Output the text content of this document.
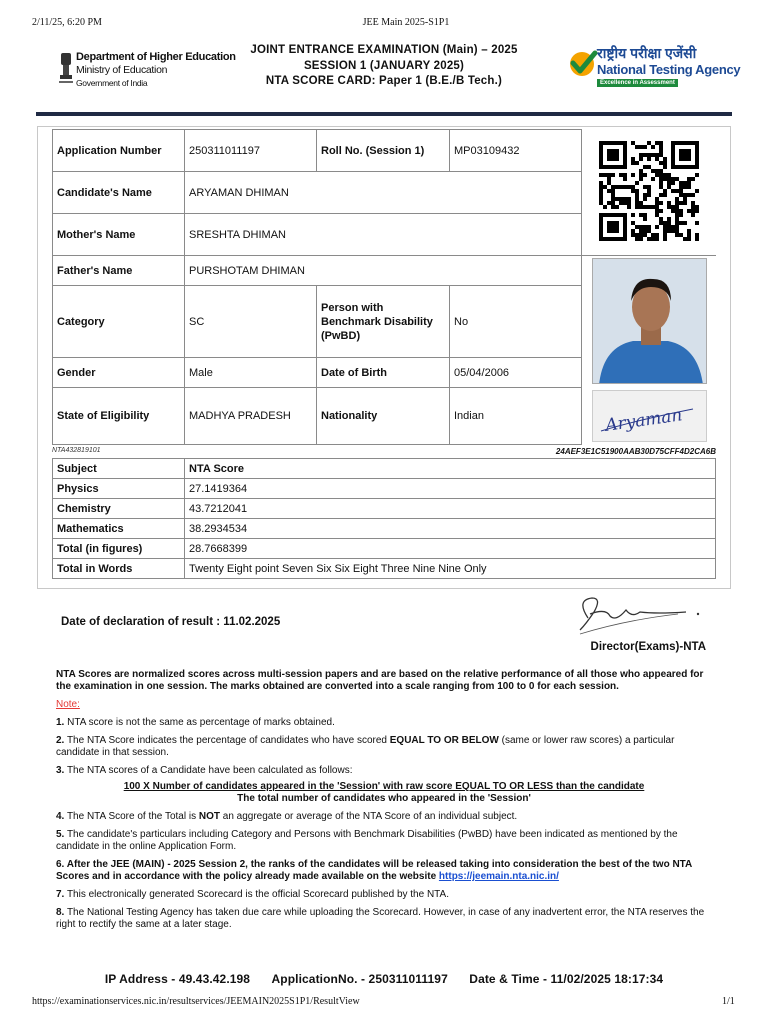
2/11/25, 6:20 PM	JEE Main 2025-S1P1
Department of Higher Education
Ministry of Education
Government of India
JOINT ENTRANCE EXAMINATION (Main) – 2025
SESSION 1 (JANUARY 2025)
NTA SCORE CARD: Paper 1 (B.E./B Tech.)
राष्ट्रीय परीक्षा एजेंसी
National Testing Agency
Excellence in Assessment
Application Number	250311011197	Roll No. (Session 1)	MP03109432	
Candidate's Name	ARYAMAN DHIMAN			
Mother's Name	SRESHTA DHIMAN			
Father's Name	PURSHOTAM DHIMAN			
Category	SC	Person with Benchmark Disability (PwBD)	No	
Gender	Male	Date of Birth	05/04/2006	
State of Eligibility	MADHYA PRADESH	Nationality	Indian		Aryaman
NTA432819101	24AEF3E1C51900AAB30D75CFF4D2CA6B
Subject	NTA Score
Physics	27.1419364
Chemistry	43.7212041
Mathematics	38.2934534
Total (in figures)	28.7668399
Total in Words	Twenty Eight point Seven Six Six Eight Three Nine Nine Only
Date of declaration of result : 11.02.2025
Director(Exams)-NTA

NTA Scores are normalized scores across multi-session papers and are based on the relative performance of all those who appeared for the examination in one session. The marks obtained are converted into a scale ranging from 100 to 0 for each session.

Note:

1. NTA score is not the same as percentage of marks obtained.

2. The NTA Score indicates the percentage of candidates who have scored EQUAL TO OR BELOW (same or lower raw scores) a particular candidate in that session.

3. The NTA scores of a Candidate have been calculated as follows:

100 X Number of candidates appeared in the 'Session' with raw score EQUAL TO OR LESS than the candidate
The total number of candidates who appeared in the 'Session'

4. The NTA Score of the Total is NOT an aggregate or average of the NTA Score of an individual subject.

5. The candidate's particulars including Category and Persons with Benchmark Disabilities (PwBD) have been indicated as mentioned by the candidate in the online Application Form.

6. After the JEE (MAIN) - 2025 Session 2, the ranks of the candidates will be released taking into consideration the best of the two NTA Scores and in accordance with the policy already made available on the website https://jeemain.nta.nic.in/

7. This electronically generated Scorecard is the official Scorecard published by the NTA.

8. The National Testing Agency has taken due care while uploading the Scorecard. However, in case of any inadvertent error, the NTA reserves the right to rectify the same at a later stage.

IP Address - 49.43.42.198 ApplicationNo. - 250311011197 Date & Time - 11/02/2025 18:17:34
https://examinationservices.nic.in/resultservices/JEEMAIN2025S1P1/ResultView	1/1
